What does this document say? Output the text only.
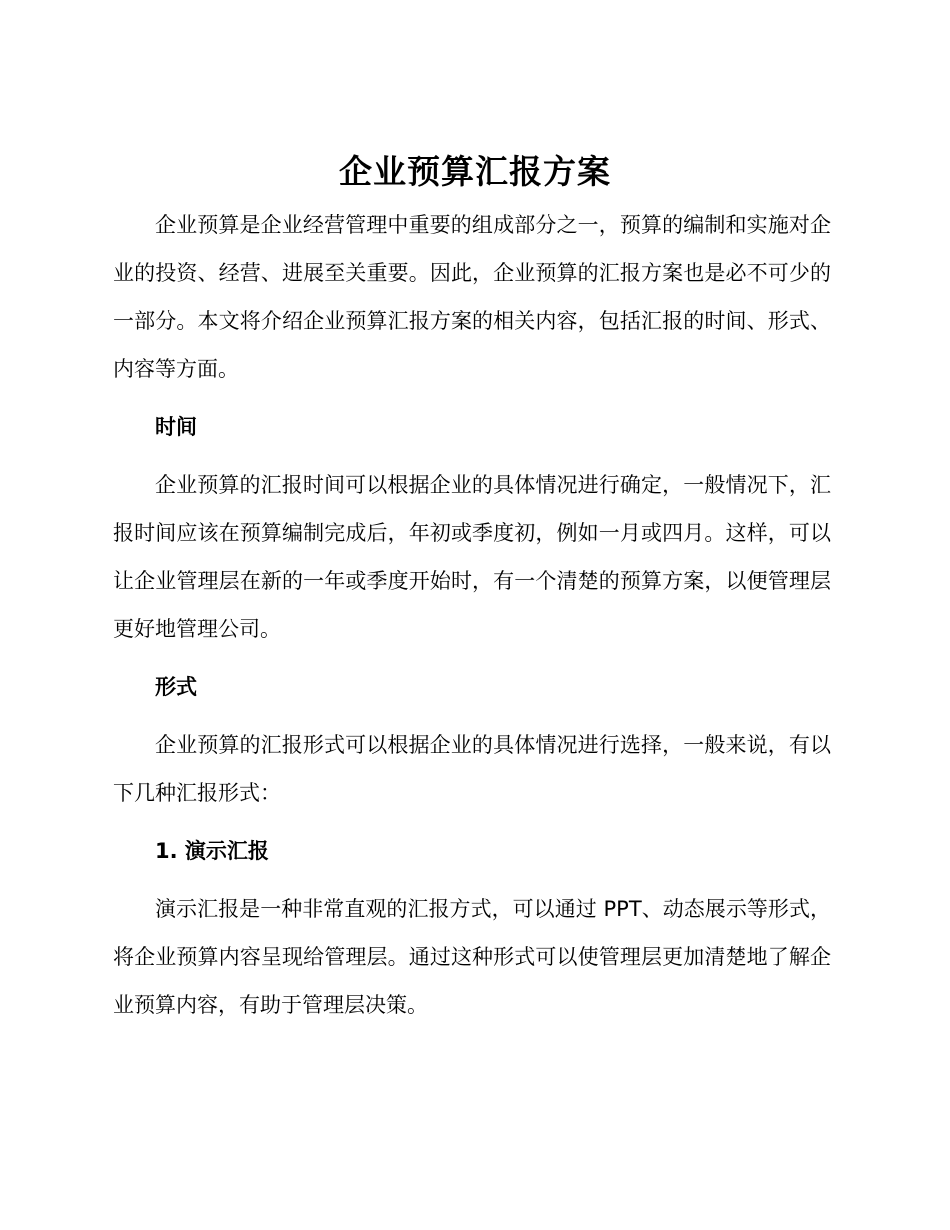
企业预算汇报方案

企业预算是企业经营管理中重要的组成部分之一，预算的编制和实施对企业的投资、经营、进展至关重要。因此，企业预算的汇报方案也是必不可少的一部分。本文将介绍企业预算汇报方案的相关内容，包括汇报的时间、形式、内容等方面。

时间

企业预算的汇报时间可以根据企业的具体情况进行确定，一般情况下，汇报时间应该在预算编制完成后，年初或季度初，例如一月或四月。这样，可以让企业管理层在新的一年或季度开始时，有一个清楚的预算方案，以便管理层更好地管理公司。

形式

企业预算的汇报形式可以根据企业的具体情况进行选择，一般来说，有以下几种汇报形式：

1. 演示汇报

演示汇报是一种非常直观的汇报方式，可以通过 PPT、动态展示等形式，将企业预算内容呈现给管理层。通过这种形式可以使管理层更加清楚地了解企业预算内容，有助于管理层决策。
